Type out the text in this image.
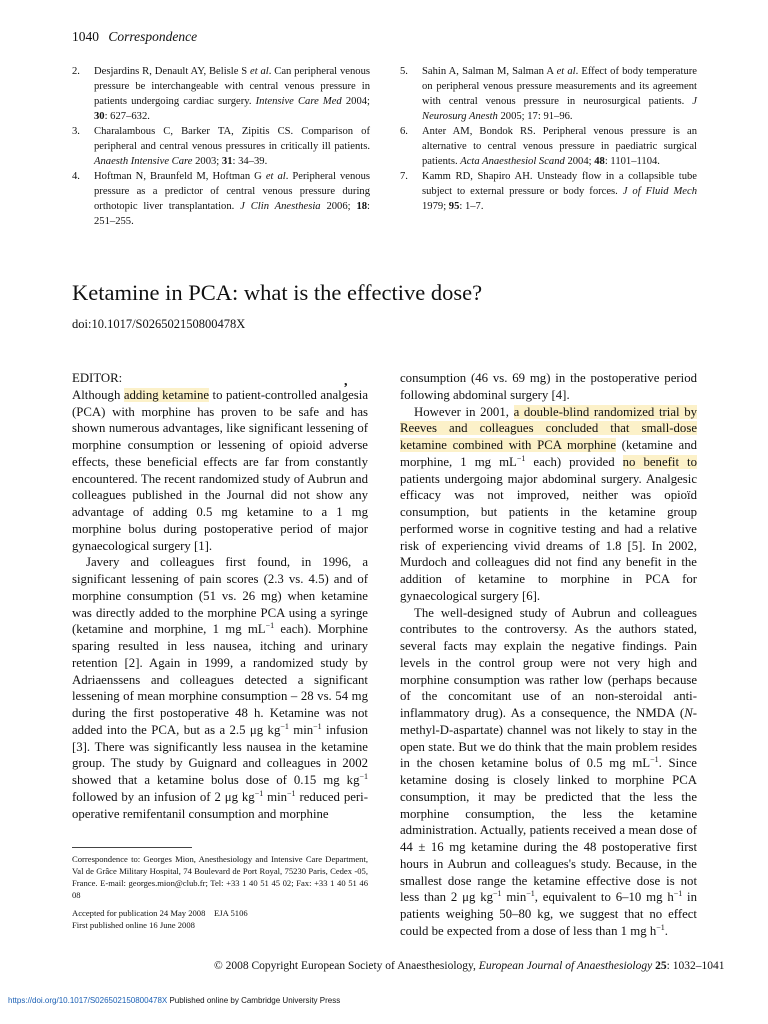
1040 Correspondence
2. Desjardins R, Denault AY, Belisle S et al. Can peripheral venous pressure be interchangeable with central venous pressure in patients undergoing cardiac surgery. Intensive Care Med 2004; 30: 627–632.
3. Charalambous C, Barker TA, Zipitis CS. Comparison of peripheral and central venous pressures in critically ill patients. Anaesth Intensive Care 2003; 31: 34–39.
4. Hoftman N, Braunfeld M, Hoftman G et al. Peripheral venous pressure as a predictor of central venous pressure during orthotopic liver transplantation. J Clin Anesthesia 2006; 18: 251–255.
5. Sahin A, Salman M, Salman A et al. Effect of body temperature on peripheral venous pressure measurements and its agreement with central venous pressure in neurosurgical patients. J Neurosurg Anesth 2005; 17: 91–96.
6. Anter AM, Bondok RS. Peripheral venous pressure is an alternative to central venous pressure in paediatric surgical patients. Acta Anaesthesiol Scand 2004; 48: 1101–1104.
7. Kamm RD, Shapiro AH. Unsteady flow in a collapsible tube subject to external pressure or body forces. J of Fluid Mech 1979; 95: 1–7.
Ketamine in PCA: what is the effective dose?
doi:10.1017/S026502150800478X
,

EDITOR:

Although adding ketamine to patient-controlled analgesia (PCA) with morphine has proven to be safe and has shown numerous advantages, like significant lessening of morphine consumption or lessening of opioid adverse effects, these beneficial effects are far from constantly encountered. The recent randomized study of Aubrun and colleagues published in the Journal did not show any advantage of adding 0.5 mg ketamine to a 1 mg morphine bolus during postoperative period of major gynaecological surgery [1].

Javery and colleagues first found, in 1996, a significant lessening of pain scores (2.3 vs. 4.5) and of morphine consumption (51 vs. 26 mg) when ketamine was directly added to the morphine PCA using a syringe (ketamine and morphine, 1 mg $mL^{-1}$ each). Morphine sparing resulted in less nausea, itching and urinary retention [2]. Again in 1999, a randomized study by Adriaenssens and colleagues detected a significant lessening of mean morphine consumption – 28 vs. 54 mg during the first postoperative 48 h. Ketamine was not added into the PCA, but as a 2.5 μg $kg^{-1}$ $\min^{-1}$ infusion [3]. There was significantly less nausea in the ketamine group. The study by Guignard and colleagues in 2002 showed that a ketamine bolus dose of 0.15 mg $kg^{-1}$ followed by an infusion of 2 μg $kg^{-1}$ $\min^{-1}$ reduced peri-operative remifentanil consumption and morphine

consumption (46 vs. 69 mg) in the postoperative period following abdominal surgery [4].

However in 2001, a double-blind randomized trial by Reeves and colleagues concluded that small-dose ketamine combined with PCA morphine (ketamine and morphine, 1 mg $mL^{-1}$ each) provided no benefit to patients undergoing major abdominal surgery. Analgesic efficacy was not improved, neither was opioïd consumption, but patients in the ketamine group performed worse in cognitive testing and had a relative risk of experiencing vivid dreams of 1.8 [5]. In 2002, Murdoch and colleagues did not find any benefit in the addition of ketamine to morphine in PCA for gynaecological surgery [6].

The well-designed study of Aubrun and colleagues contributes to the controversy. As the authors stated, several facts may explain the negative findings. Pain levels in the control group were not very high and morphine consumption was rather low (perhaps because of the concomitant use of an non-steroidal anti-inflammatory drug). As a consequence, the NMDA (N-methyl-D-aspartate) channel was not likely to stay in the open state. But we do think that the main problem resides in the chosen ketamine bolus of 0.5 mg $mL^{-1}$. Since ketamine dosing is closely linked to morphine PCA consumption, it may be predicted that the less the morphine consumption, the less the ketamine administration. Actually, patients received a mean dose of 44 ± 16 mg ketamine during the 48 postoperative first hours in Aubrun and colleagues's study. Because, in the smallest dose range the ketamine effective dose is not less than 2 μg $kg^{-1}$ $\min^{-1}$, equivalent to 6–10 mg $h^{-1}$ in patients weighing 50–80 kg, we suggest that no effect could be expected from a dose of less than 1 mg $h^{-1}$.

Correspondence to: Georges Mion, Anesthesiology and Intensive Care Department, Val de Grâce Military Hospital, 74 Boulevard de Port Royal, 75230 Paris, Cedex -05, France. E-mail: georges.mion@club.fr; Tel: +33 1 40 51 45 02; Fax: +33 1 40 51 46 08

Accepted for publication 24 May 2008    EJA 5106

First published online 16 June 2008

© 2008 Copyright European Society of Anaesthesiology, European Journal of Anaesthesiology 25: 1032–1041
https://doi.org/10.1017/S026502150800478X Published online by Cambridge University Press
